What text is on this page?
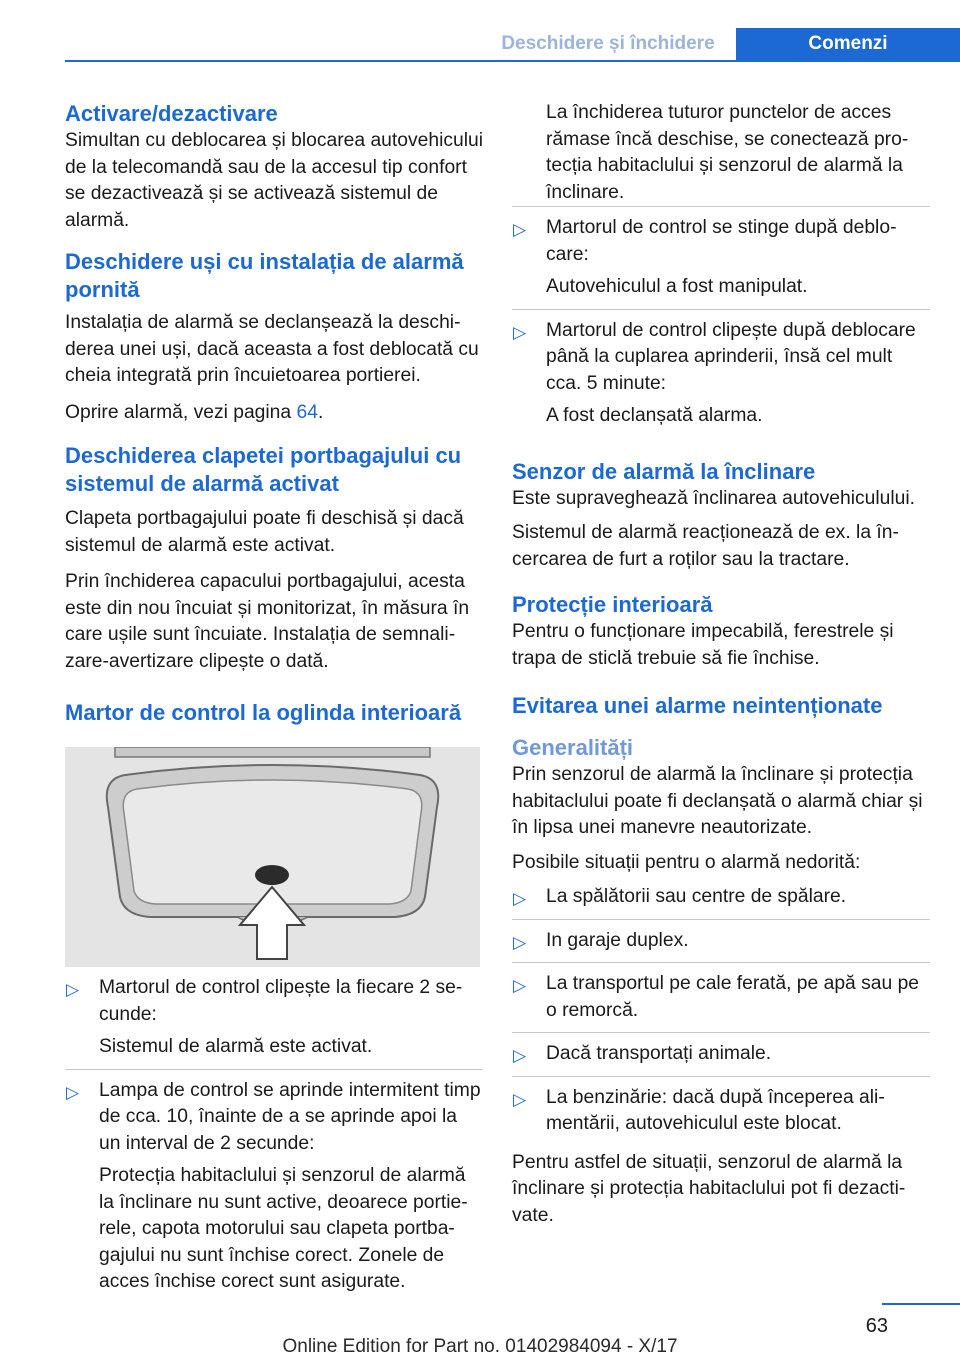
Deschidere și închidere	Comenzi
Activare/dezactivare

Simultan cu deblocarea și blocarea autovehicului de la telecomandă sau de la accesul tip confort se dezactivează și se activează sistemul de alarmă.

Deschidere uși cu instalația de alarmă pornită

Instalația de alarmă se declanșează la deschiderea unei uși, dacă aceasta a fost deblocată cu cheia integrată prin încuietoarea portierei.

Oprire alarmă, vezi pagina 64.

Deschiderea clapetei portbagajului cu sistemul de alarmă activat

Clapeta portbagajului poate fi deschisă și dacă sistemul de alarmă este activat.

Prin închiderea capacului portbagajului, acesta este din nou încuiat și monitorizat, în măsura în care ușile sunt încuiate. Instalația de semnalizare-avertizare clipește o dată.

Martor de control la oglinda interioară
▷ Martorul de control clipește la fiecare 2 secunde:

Sistemul de alarmă este activat.

▷ Lampa de control se aprinde intermitent timp de cca. 10, înainte de a se aprinde apoi la un interval de 2 secunde:

Protecția habitaclului și senzorul de alarmă la înclinare nu sunt active, deoarece portierele, capota motorului sau clapeta portbagajului nu sunt închise corect. Zonele de acces închise corect sunt asigurate.

La închiderea tuturor punctelor de acces rămase încă deschise, se conectează protecția habitaclului și senzorul de alarmă la înclinare.

▷ Martorul de control se stinge după deblocare:

Autovehiculul a fost manipulat.

▷ Martorul de control clipește după deblocare până la cuplarea aprinderii, însă cel mult cca. 5 minute:

A fost declanșată alarma.

Senzor de alarmă la înclinare

Este supraveghează înclinarea autovehiculului.

Sistemul de alarmă reacționează de ex. la încercarea de furt a roților sau la tractare.

Protecție interioară

Pentru o funcționare impecabilă, ferestrele și trapa de sticlă trebuie să fie închise.

Evitarea unei alarme neintenționate
Generalități

Prin senzorul de alarmă la înclinare și protecția habitaclului poate fi declanșată o alarmă chiar și în lipsa unei manevre neautorizate.

Posibile situații pentru o alarmă nedorită:

▷ La spălătorii sau centre de spălare.

▷ In garaje duplex.

▷ La transportul pe cale ferată, pe apă sau pe o remorcă.

▷ Dacă transportați animale.

▷ La benzinărie: dacă după începerea alimentării, autovehiculul este blocat.

Pentru astfel de situații, senzorul de alarmă la înclinare și protecția habitaclului pot fi dezactivate.

63
Online Edition for Part no. 01402984094 - X/17
